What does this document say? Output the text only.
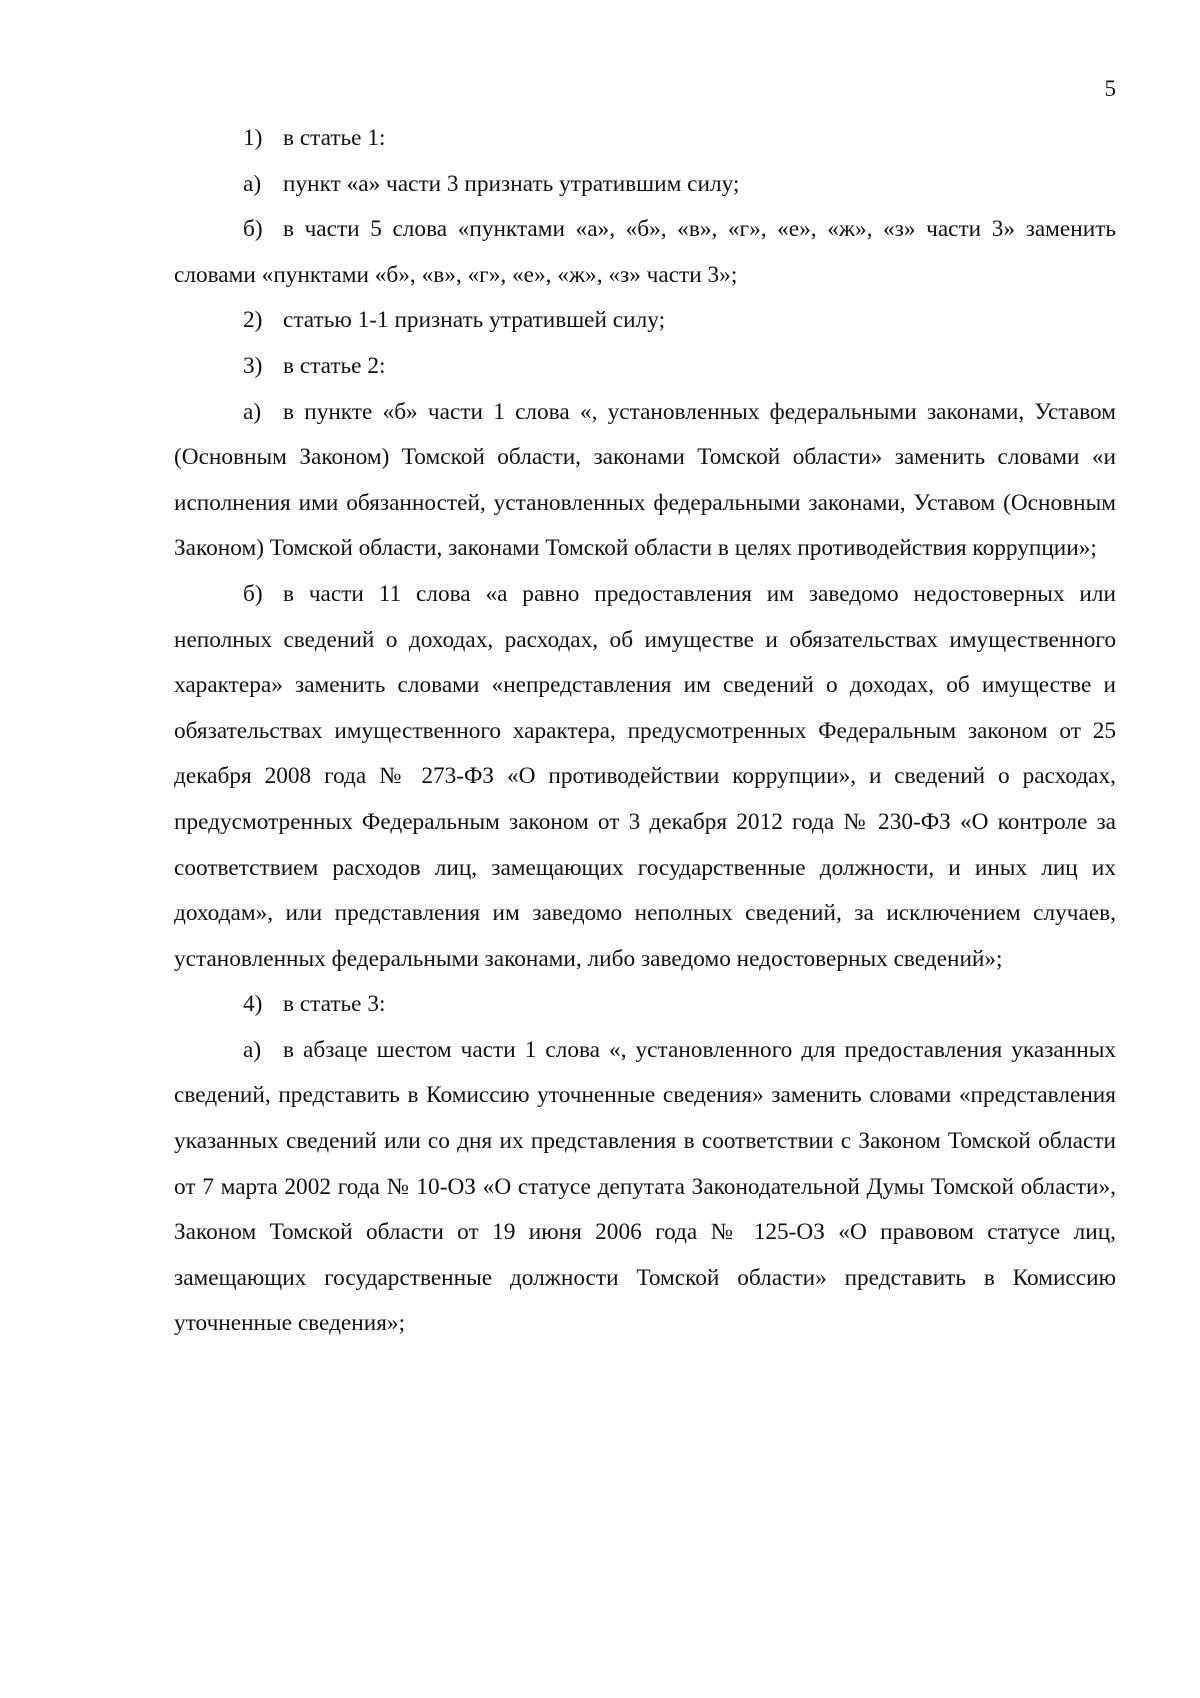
5

1) в статье 1:

а) пункт «а» части 3 признать утратившим силу;

б) в части 5 слова «пунктами «а», «б», «в», «г», «е», «ж», «з» части 3» заменить словами «пунктами «б», «в», «г», «е», «ж», «з» части 3»;

2) статью 1-1 признать утратившей силу;

3) в статье 2:

а) в пункте «б» части 1 слова «, установленных федеральными законами, Уставом (Основным Законом) Томской области, законами Томской области» заменить словами «и исполнения ими обязанностей, установленных федеральными законами, Уставом (Основным Законом) Томской области, законами Томской области в целях противодействия коррупции»;

б) в части 11 слова «а равно предоставления им заведомо недостоверных или неполных сведений о доходах, расходах, об имуществе и обязательствах имущественного характера» заменить словами «непредставления им сведений о доходах, об имуществе и обязательствах имущественного характера, предусмотренных Федеральным законом от 25 декабря 2008 года № 273-ФЗ «О противодействии коррупции», и сведений о расходах, предусмотренных Федеральным законом от 3 декабря 2012 года № 230-ФЗ «О контроле за соответствием расходов лиц, замещающих государственные должности, и иных лиц их доходам», или представления им заведомо неполных сведений, за исключением случаев, установленных федеральными законами, либо заведомо недостоверных сведений»;

4) в статье 3:

а) в абзаце шестом части 1 слова «, установленного для предоставления указанных сведений, представить в Комиссию уточненные сведения» заменить словами «представления указанных сведений или со дня их представления в соответствии с Законом Томской области от 7 марта 2002 года № 10-ОЗ «О статусе депутата Законодательной Думы Томской области», Законом Томской области от 19 июня 2006 года № 125-ОЗ «О правовом статусе лиц, замещающих государственные должности Томской области» представить в Комиссию уточненные сведения»;
